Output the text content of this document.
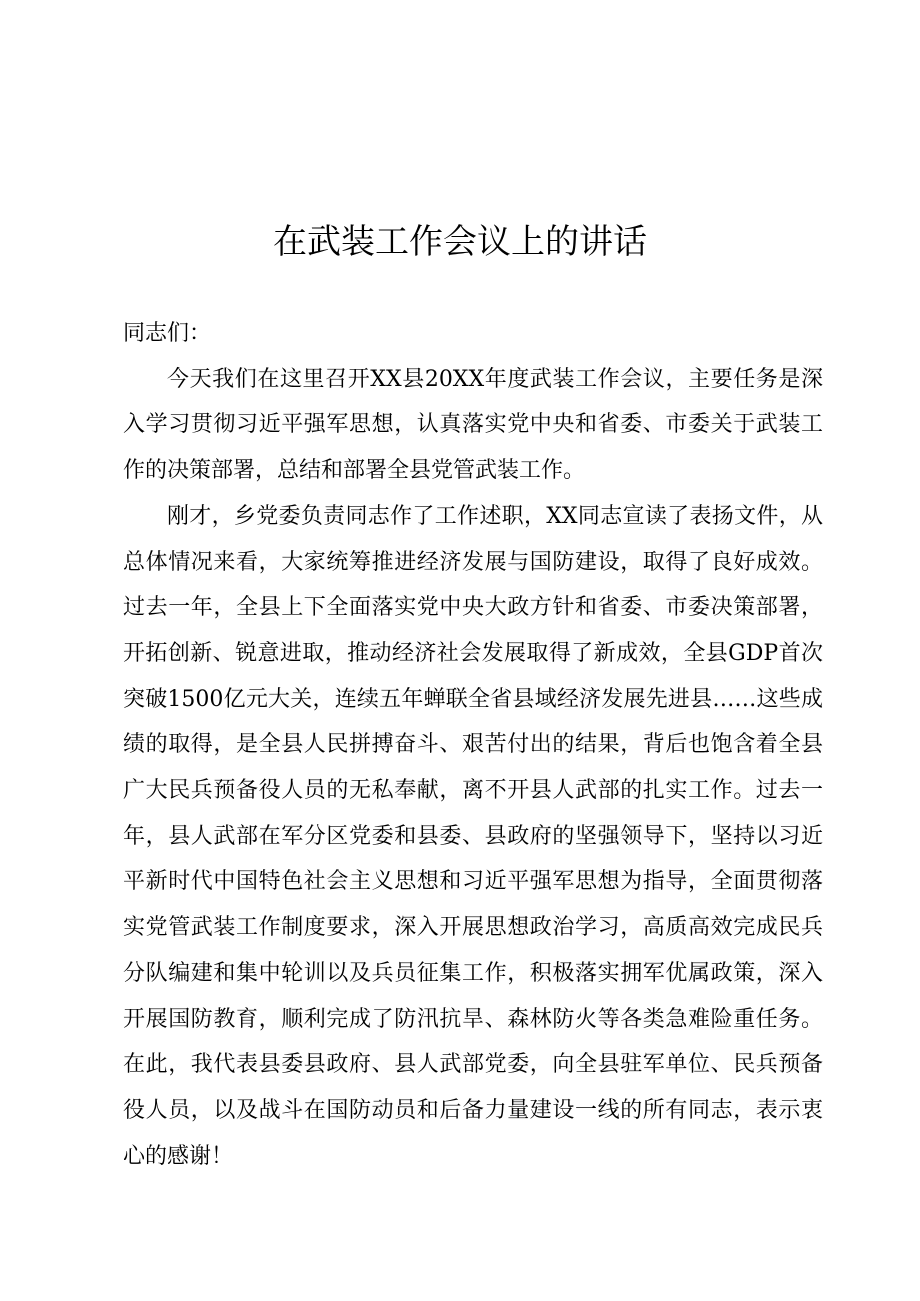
在武装工作会议上的讲话

同志们：

今天我们在这里召开XX县20XX年度武装工作会议，主要任务是深入学习贯彻习近平强军思想，认真落实党中央和省委、市委关于武装工作的决策部署，总结和部署全县党管武装工作。

刚才，乡党委负责同志作了工作述职，XX同志宣读了表扬文件，从总体情况来看，大家统筹推进经济发展与国防建设，取得了良好成效。过去一年，全县上下全面落实党中央大政方针和省委、市委决策部署，开拓创新、锐意进取，推动经济社会发展取得了新成效，全县GDP首次突破1500亿元大关，连续五年蝉联全省县域经济发展先进县……这些成绩的取得，是全县人民拼搏奋斗、艰苦付出的结果，背后也饱含着全县广大民兵预备役人员的无私奉献，离不开县人武部的扎实工作。过去一年，县人武部在军分区党委和县委、县政府的坚强领导下，坚持以习近平新时代中国特色社会主义思想和习近平强军思想为指导，全面贯彻落实党管武装工作制度要求，深入开展思想政治学习，高质高效完成民兵分队编建和集中轮训以及兵员征集工作，积极落实拥军优属政策，深入开展国防教育，顺利完成了防汛抗旱、森林防火等各类急难险重任务。在此，我代表县委县政府、县人武部党委，向全县驻军单位、民兵预备役人员，以及战斗在国防动员和后备力量建设一线的所有同志，表示衷心的感谢！
